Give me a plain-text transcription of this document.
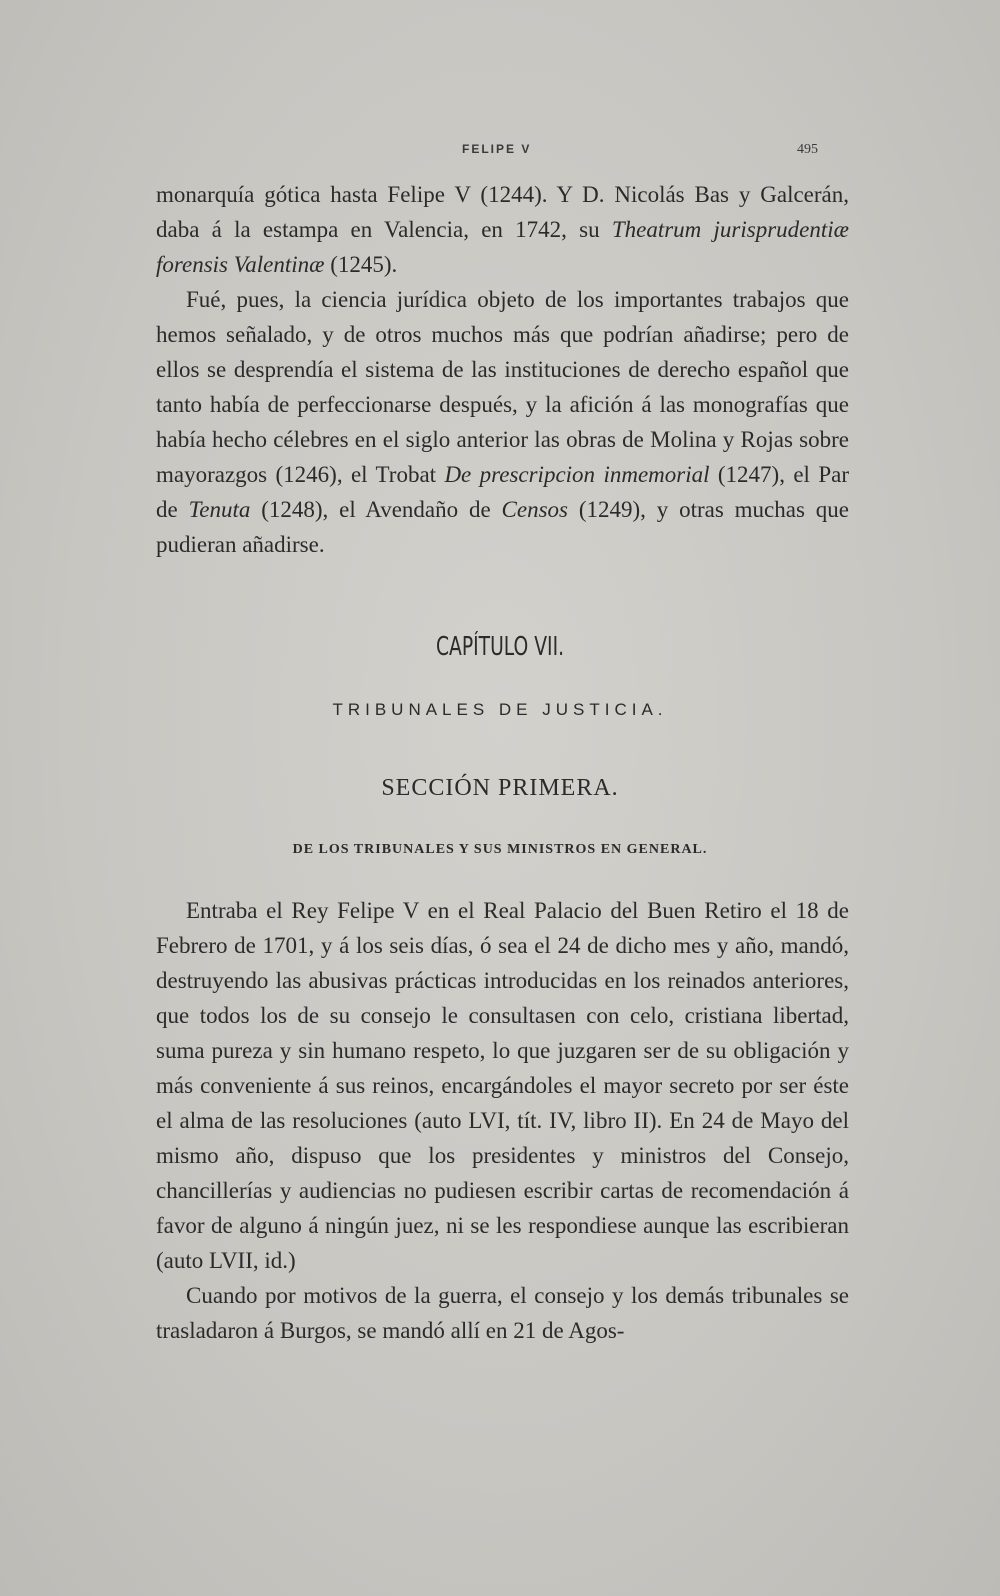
FELIPE V	495

monarquía gótica hasta Felipe V (1244). Y D. Nicolás Bas y Galcerán, daba á la estampa en Valencia, en 1742, su Theatrum jurisprudentiæ forensis Valentinæ (1245).

Fué, pues, la ciencia jurídica objeto de los importantes trabajos que hemos señalado, y de otros muchos más que podrían añadirse; pero de ellos se desprendía el sistema de las instituciones de derecho español que tanto había de perfeccionarse después, y la afición á las monografías que había hecho célebres en el siglo anterior las obras de Molina y Rojas sobre mayorazgos (1246), el Trobat De prescripcion inmemorial (1247), el Par de Tenuta (1248), el Avendaño de Censos (1249), y otras muchas que pudieran añadirse.

CAPÍTULO VII.
TRIBUNALES DE JUSTICIA.
SECCIÓN PRIMERA.
DE LOS TRIBUNALES Y SUS MINISTROS EN GENERAL.

Entraba el Rey Felipe V en el Real Palacio del Buen Retiro el 18 de Febrero de 1701, y á los seis días, ó sea el 24 de dicho mes y año, mandó, destruyendo las abusivas prácticas introducidas en los reinados anteriores, que todos los de su consejo le consultasen con celo, cristiana libertad, suma pureza y sin humano respeto, lo que juzgaren ser de su obligación y más conveniente á sus reinos, encargándoles el mayor secreto por ser éste el alma de las resoluciones (auto LVI, tít. IV, libro II). En 24 de Mayo del mismo año, dispuso que los presidentes y ministros del Consejo, chancillerías y audiencias no pudiesen escribir cartas de recomendación á favor de alguno á ningún juez, ni se les respondiese aunque las escribieran (auto LVII, id.)

Cuando por motivos de la guerra, el consejo y los demás tribunales se trasladaron á Burgos, se mandó allí en 21 de Agos-
